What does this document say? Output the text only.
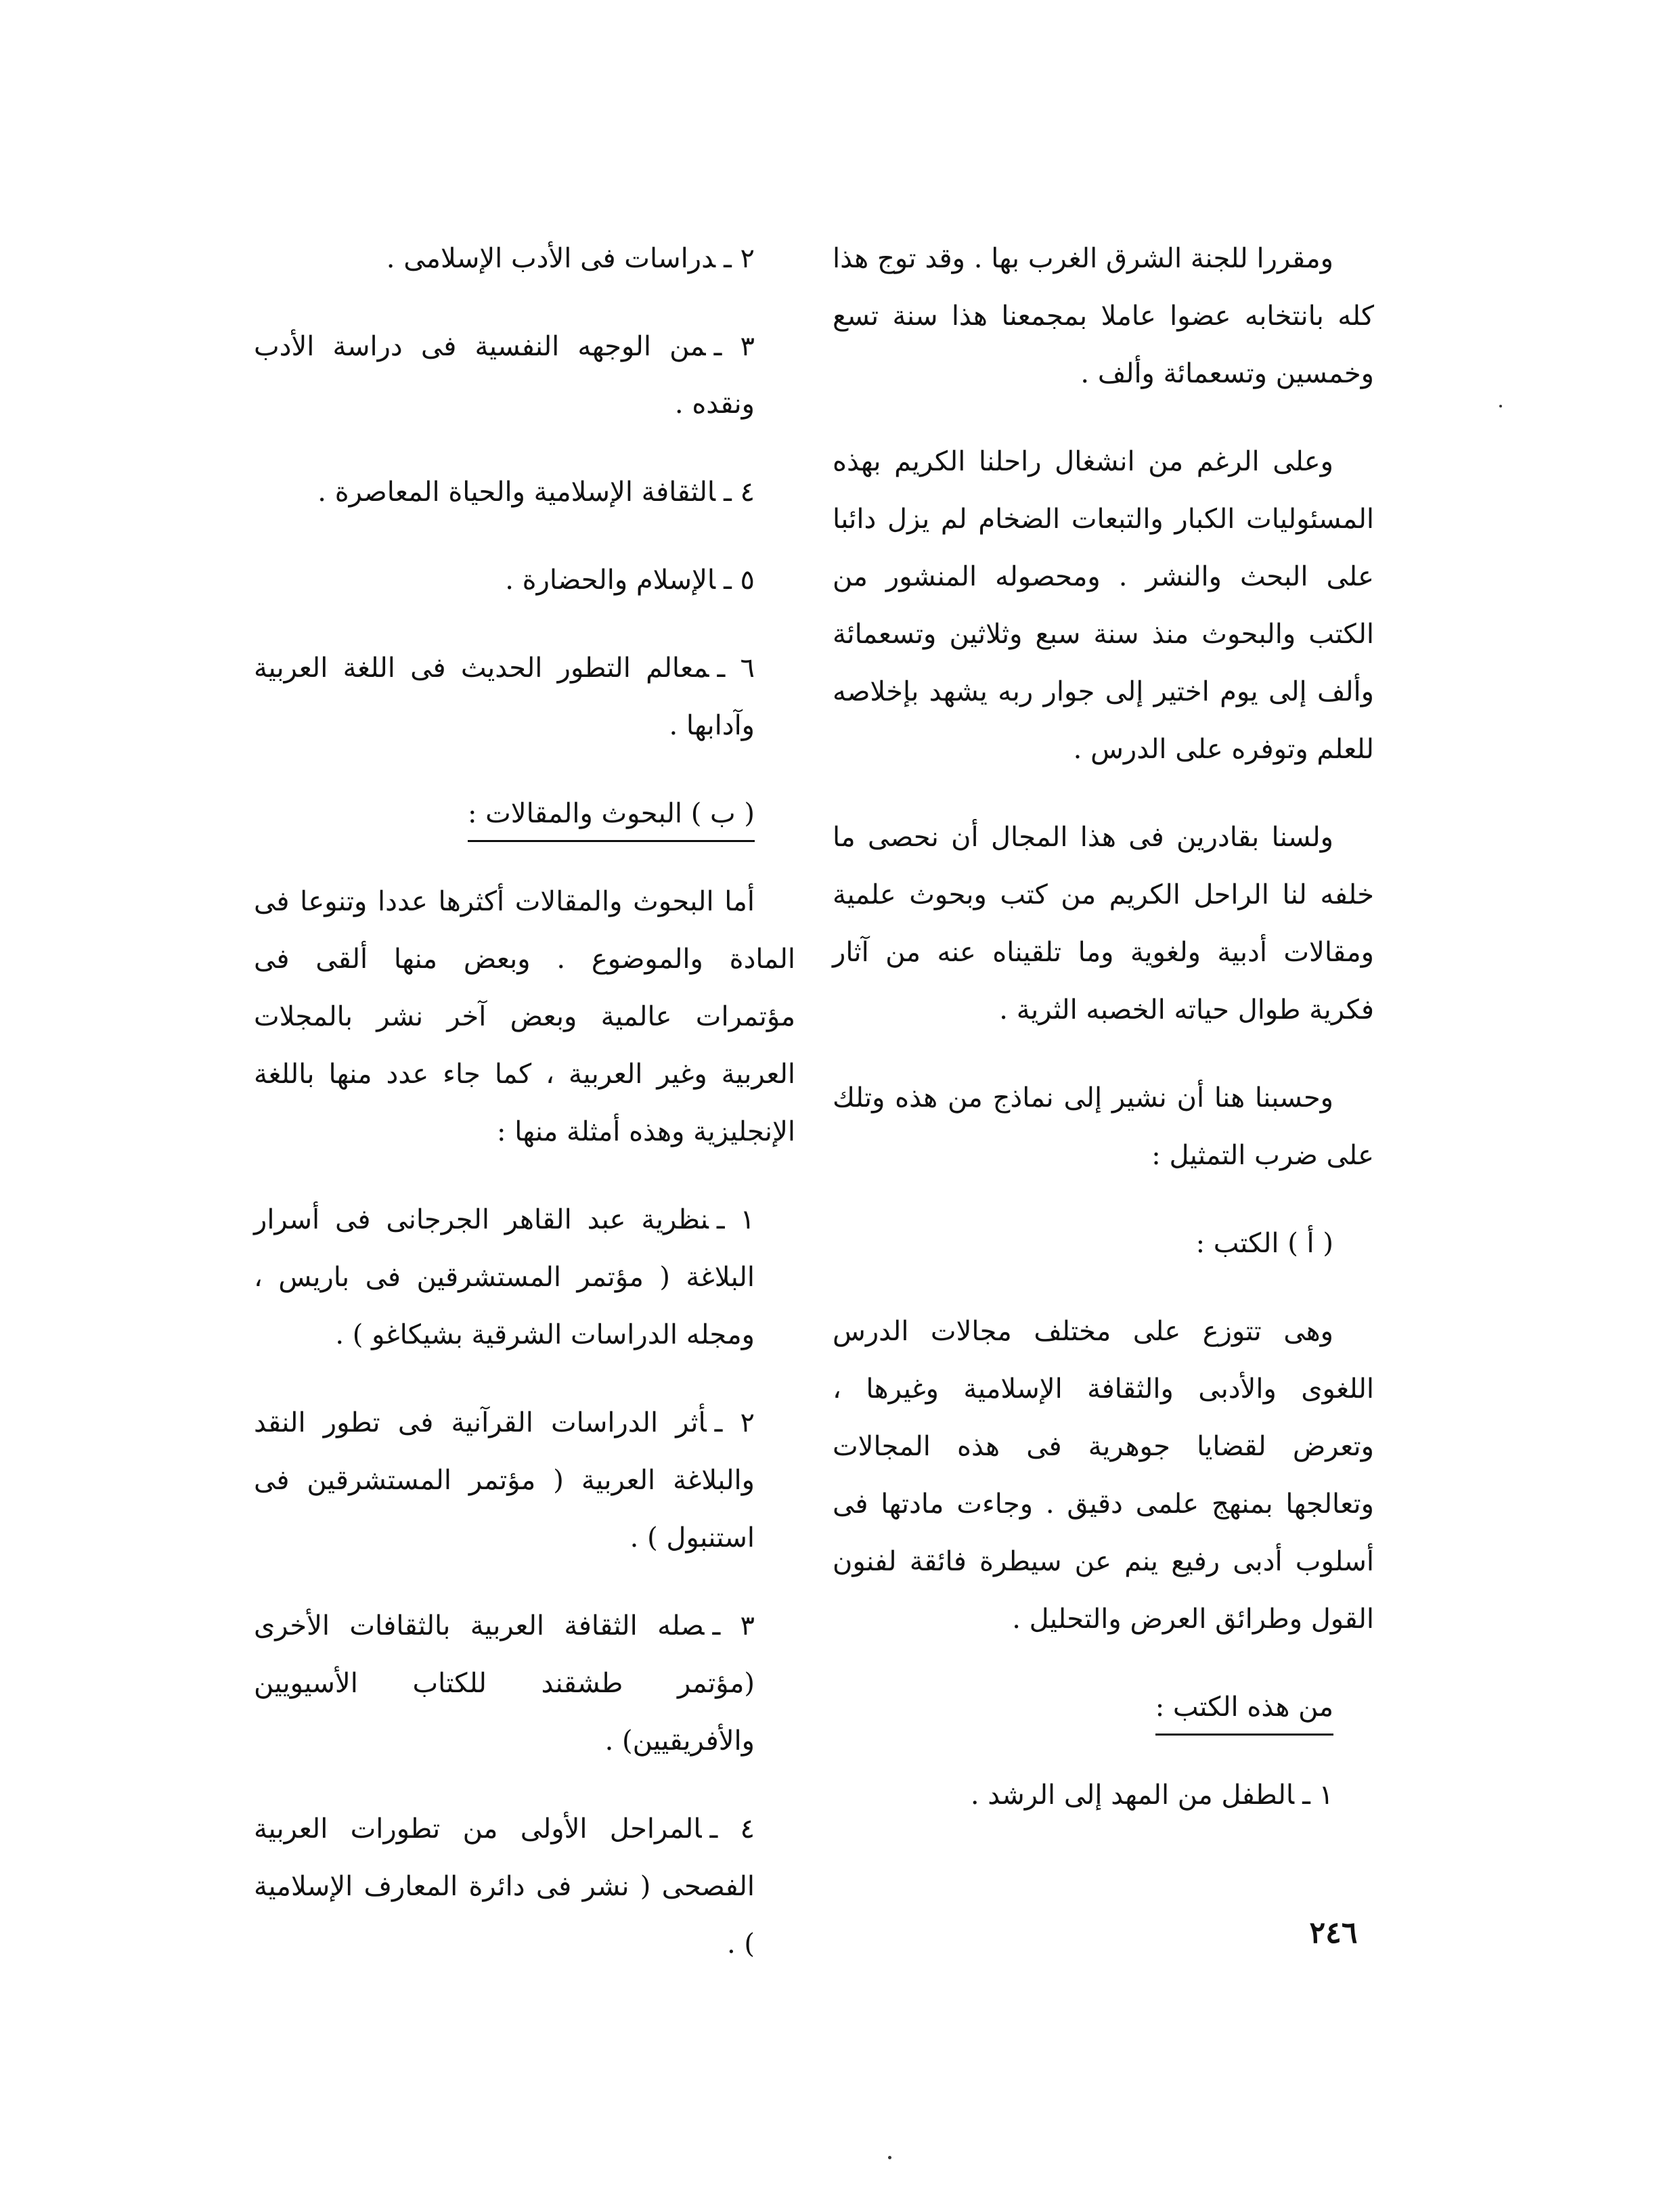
ومقررا للجنة الشرق الغرب بها . وقد توج هذا كله بانتخابه عضوا عاملا بمجمعنا هذا سنة تسع وخمسين وتسعمائة وألف .

وعلى الرغم من انشغال راحلنا الكريم بهذه المسئوليات الكبار والتبعات الضخام لم يزل دائبا على البحث والنشر . ومحصوله المنشور من الكتب والبحوث منذ سنة سبع وثلاثين وتسعمائة وألف إلى يوم اختير إلى جوار ربه يشهد بإخلاصه للعلم وتوفره على الدرس .

ولسنا بقادرين فى هذا المجال أن نحصى ما خلفه لنا الراحل الكريم من كتب وبحوث علمية ومقالات أدبية ولغوية وما تلقيناه عنه من آثار فكرية طوال حياته الخصبه الثرية .

وحسبنا هنا أن نشير إلى نماذج من هذه وتلك على ضرب التمثيل :

( أ ) الكتب :

وهى تتوزع على مختلف مجالات الدرس اللغوى والأدبى والثقافة الإسلامية وغيرها ، وتعرض لقضايا جوهرية فى هذه المجالات وتعالجها بمنهج علمى دقيق . وجاءت مادتها فى أسلوب أدبى رفيع ينم عن سيطرة فائقة لفنون القول وطرائق العرض والتحليل .

من هذه الكتب :

١ ـالطفل من المهد إلى الرشد .

٢ ـدراسات فى الأدب الإسلامى .

٣ ـمن الوجهه النفسية فى دراسة الأدب ونقده .

٤ ـالثقافة الإسلامية والحياة المعاصرة .

٥ ـالإسلام والحضارة .

٦ ـمعالم التطور الحديث فى اللغة العربية وآدابها .

( ب ) البحوث والمقالات :

أما البحوث والمقالات أكثرها عددا وتنوعا فى المادة والموضوع . وبعض منها ألقى فى مؤتمرات عالمية وبعض آخر نشر بالمجلات العربية وغير العربية ، كما جاء عدد منها باللغة الإنجليزية وهذه أمثلة منها :

١ ـنظرية عبد القاهر الجرجانى فى أسرار البلاغة ( مؤتمر المستشرقين فى باريس ، ومجله الدراسات الشرقية بشيكاغو ) .

٢ ـأثر الدراسات القرآنية فى تطور النقد والبلاغة العربية ( مؤتمر المستشرقين فى استنبول ) .

٣ ـصله الثقافة العربية بالثقافات الأخرى (مؤتمر طشقند للكتاب الأسيويين والأفريقيين) .

٤ ـالمراحل الأولى من تطورات العربية الفصحى ( نشر فى دائرة المعارف الإسلامية ) .	٢٤٦
